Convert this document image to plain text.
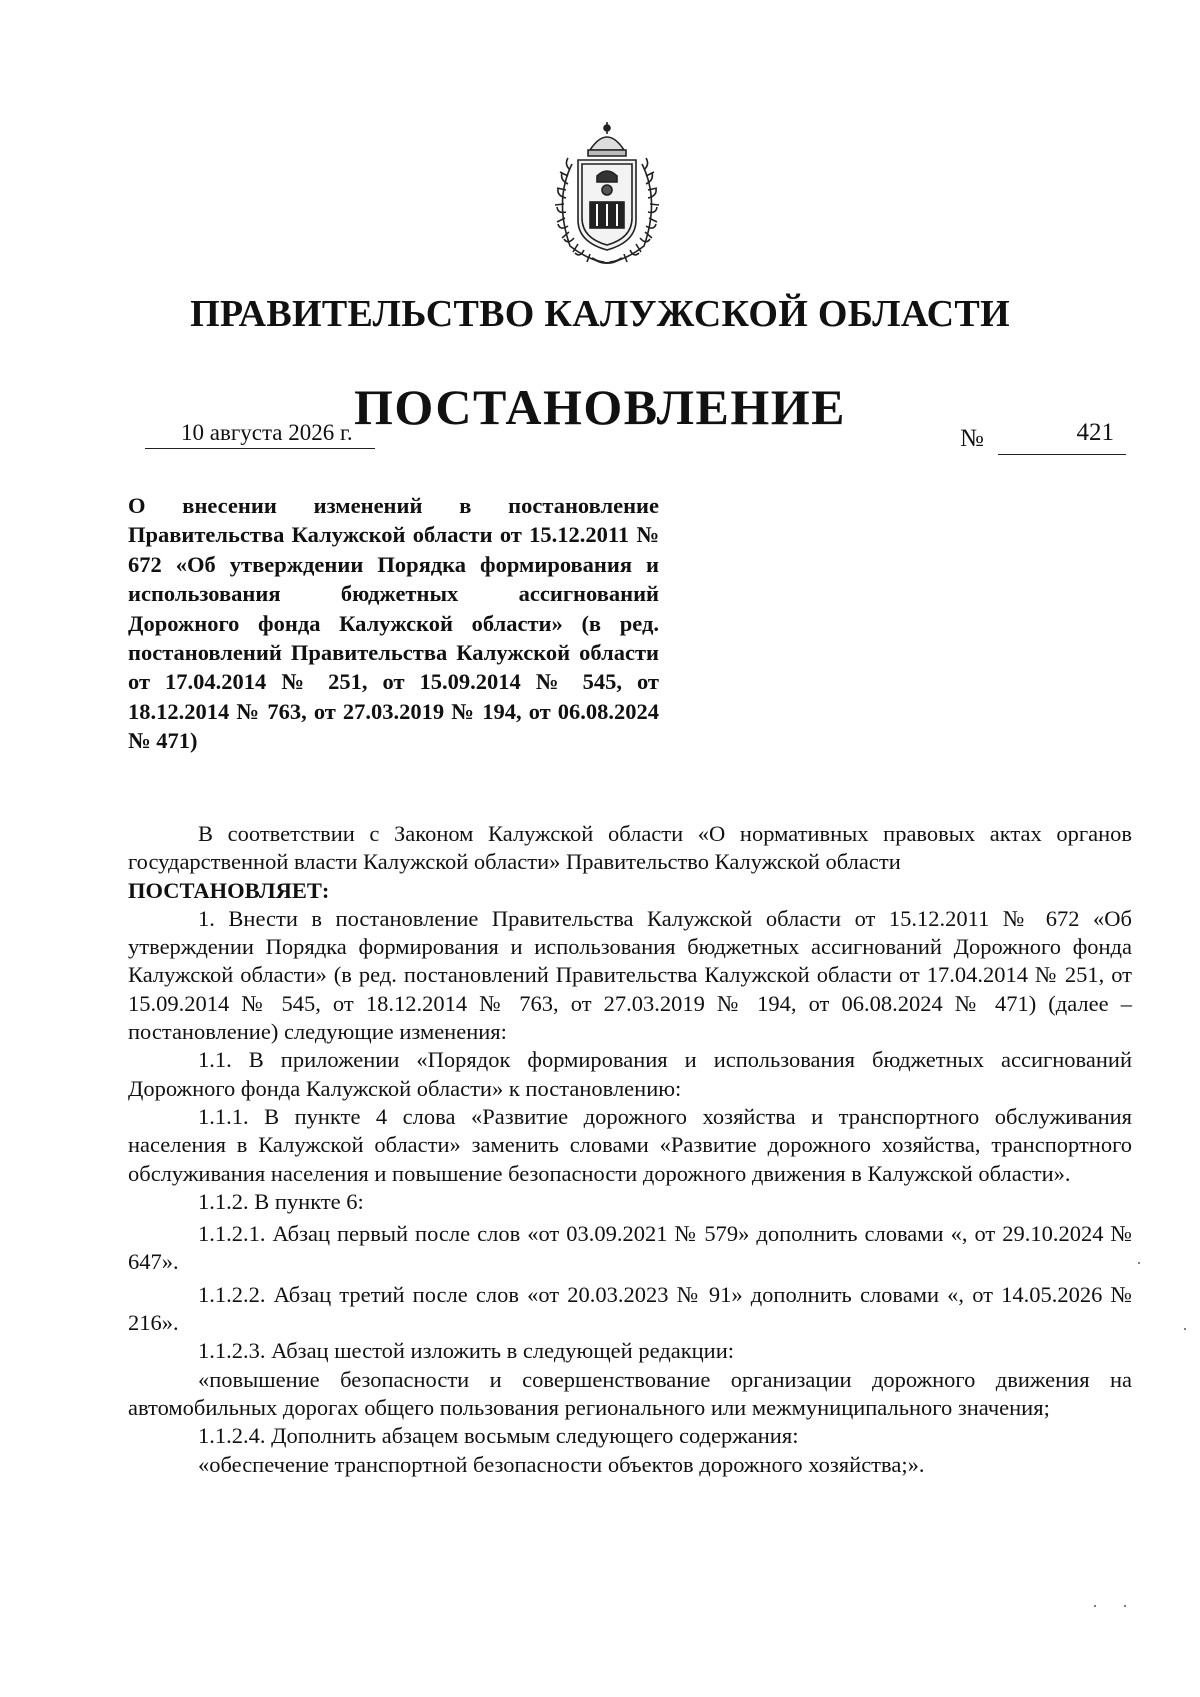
ПРАВИТЕЛЬСТВО КАЛУЖСКОЙ ОБЛАСТИ
ПОСТАНОВЛЕНИЕ
10 августа 2026 г.	№	421
О внесении изменений в постановление Правительства Калужской области от 15.12.2011 № 672 «Об утверждении Порядка формирования и использования бюджетных ассигнований Дорожного фонда Калужской области» (в ред. постановлений Правительства Калужской области от 17.04.2014 № 251, от 15.09.2014 № 545, от 18.12.2014 № 763, от 27.03.2019 № 194, от 06.08.2024 № 471)

В соответствии с Законом Калужской области «О нормативных правовых актах органов государственной власти Калужской области» Правительство Калужской области

ПОСТАНОВЛЯЕТ:

1. Внести в постановление Правительства Калужской области от 15.12.2011 № 672 «Об утверждении Порядка формирования и использования бюджетных ассигнований Дорожного фонда Калужской области» (в ред. постановлений Правительства Калужской области от 17.04.2014 № 251, от 15.09.2014 № 545, от 18.12.2014 № 763, от 27.03.2019 № 194, от 06.08.2024 № 471) (далее – постановление) следующие изменения:

1.1. В приложении «Порядок формирования и использования бюджетных ассигнований Дорожного фонда Калужской области» к постановлению:

1.1.1. В пункте 4 слова «Развитие дорожного хозяйства и транспортного обслуживания населения в Калужской области» заменить словами «Развитие дорожного хозяйства, транспортного обслуживания населения и повышение безопасности дорожного движения в Калужской области».

1.1.2. В пункте 6:

1.1.2.1. Абзац первый после слов «от 03.09.2021 № 579» дополнить словами «, от 29.10.2024 № 647».

1.1.2.2. Абзац третий после слов «от 20.03.2023 № 91» дополнить словами «, от 14.05.2026 № 216».

1.1.2.3. Абзац шестой изложить в следующей редакции:

«повышение безопасности и совершенствование организации дорожного движения на автомобильных дорогах общего пользования регионального или межмуниципального значения;

1.1.2.4. Дополнить абзацем восьмым следующего содержания:

«обеспечение транспортной безопасности объектов дорожного хозяйства;».
